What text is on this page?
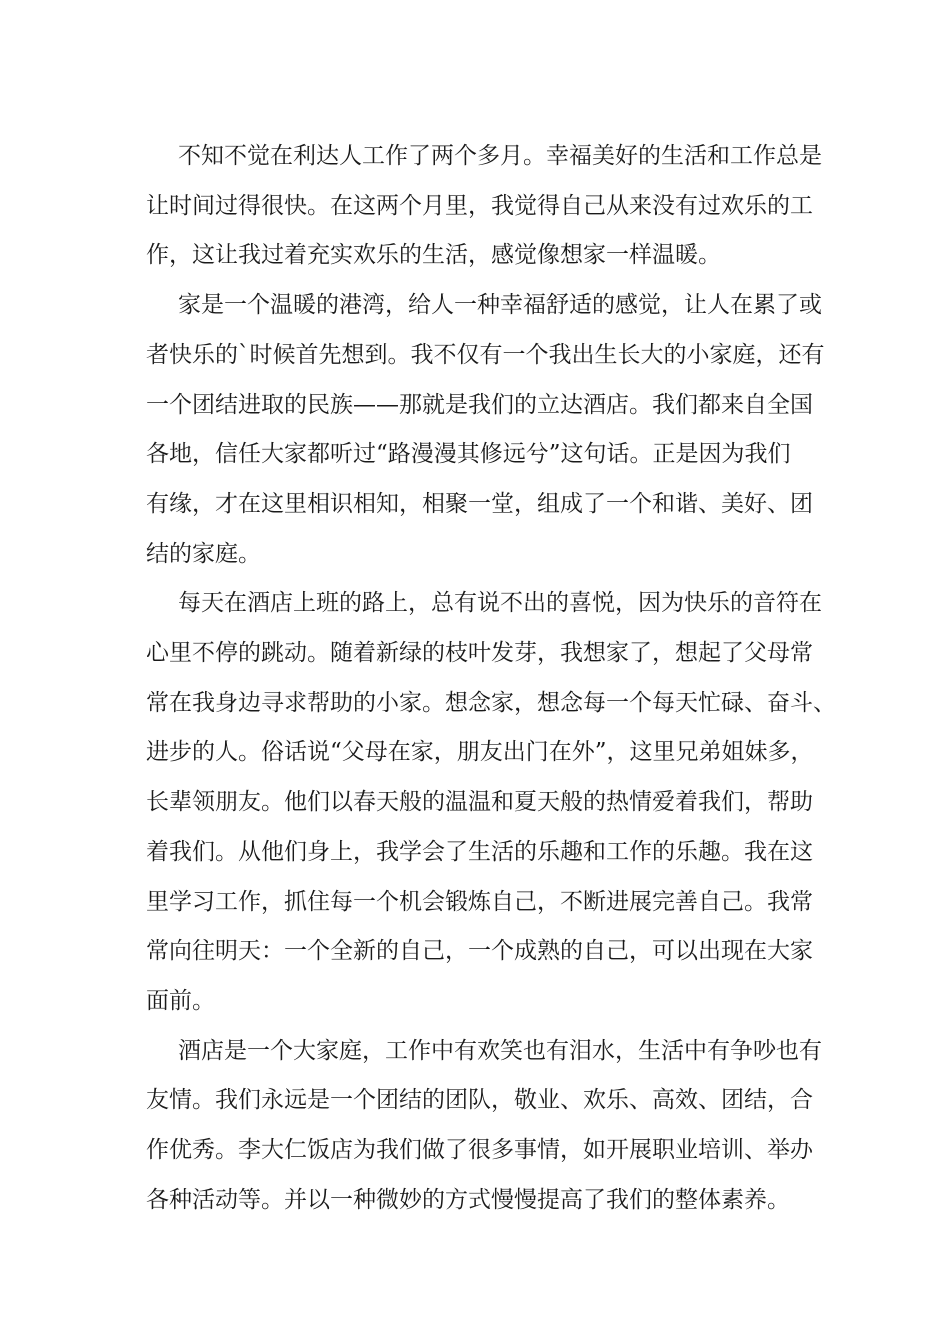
不知不觉在利达人工作了两个多月。幸福美好的生活和工作总是
让时间过得很快。在这两个月里，我觉得自己从来没有过欢乐的工
作，这让我过着充实欢乐的生活，感觉像想家一样温暖。

家是一个温暖的港湾，给人一种幸福舒适的感觉，让人在累了或
者快乐的`时候首先想到。我不仅有一个我出生长大的小家庭，还有
一个团结进取的民族——那就是我们的立达酒店。我们都来自全国
各地，信任大家都听过“路漫漫其修远兮”这句话。正是因为我们
有缘，才在这里相识相知，相聚一堂，组成了一个和谐、美好、团
结的家庭。

每天在酒店上班的路上，总有说不出的喜悦，因为快乐的音符在
心里不停的跳动。随着新绿的枝叶发芽，我想家了，想起了父母常
常在我身边寻求帮助的小家。想念家，想念每一个每天忙碌、奋斗、
进步的人。俗话说“父母在家，朋友出门在外”，这里兄弟姐妹多，
长辈领朋友。他们以春天般的温温和夏天般的热情爱着我们，帮助
着我们。从他们身上，我学会了生活的乐趣和工作的乐趣。我在这
里学习工作，抓住每一个机会锻炼自己，不断进展完善自己。我常
常向往明天：一个全新的自己，一个成熟的自己，可以出现在大家
面前。

酒店是一个大家庭，工作中有欢笑也有泪水，生活中有争吵也有
友情。我们永远是一个团结的团队，敬业、欢乐、高效、团结，合
作优秀。李大仁饭店为我们做了很多事情，如开展职业培训、举办
各种活动等。并以一种微妙的方式慢慢提高了我们的整体素养。
